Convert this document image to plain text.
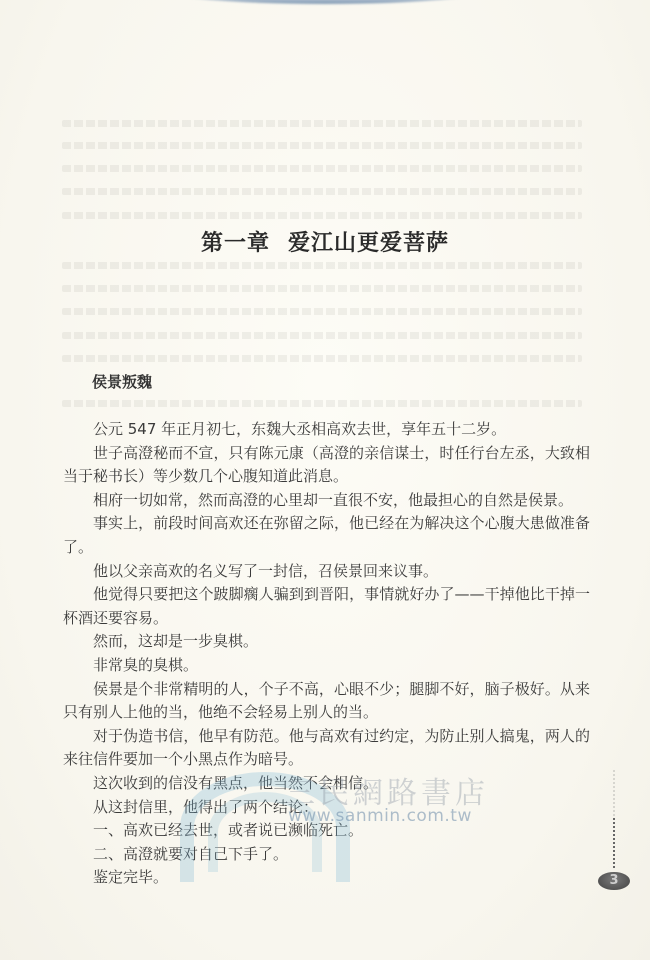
第一章 爱江山更爱菩萨
侯景叛魏

公元 547 年正月初七，东魏大丞相高欢去世，享年五十二岁。

世子高澄秘而不宣，只有陈元康（高澄的亲信谋士，时任行台左丞，大致相当于秘书长）等少数几个心腹知道此消息。

相府一切如常，然而高澄的心里却一直很不安，他最担心的自然是侯景。

事实上，前段时间高欢还在弥留之际，他已经在为解决这个心腹大患做准备了。

他以父亲高欢的名义写了一封信，召侯景回来议事。

他觉得只要把这个跛脚瘸人骗到到晋阳，事情就好办了——干掉他比干掉一杯酒还要容易。

然而，这却是一步臭棋。

非常臭的臭棋。

侯景是个非常精明的人，个子不高，心眼不少；腿脚不好，脑子极好。从来只有别人上他的当，他绝不会轻易上别人的当。

对于伪造书信，他早有防范。他与高欢有过约定，为防止别人搞鬼，两人的来往信件要加一个小黑点作为暗号。

这次收到的信没有黑点，他当然不会相信。

从这封信里，他得出了两个结论：

一、高欢已经去世，或者说已濒临死亡。

二、高澄就要对自己下手了。

鉴定完毕。

三民網路書店
www.sanmin.com.tw
3
